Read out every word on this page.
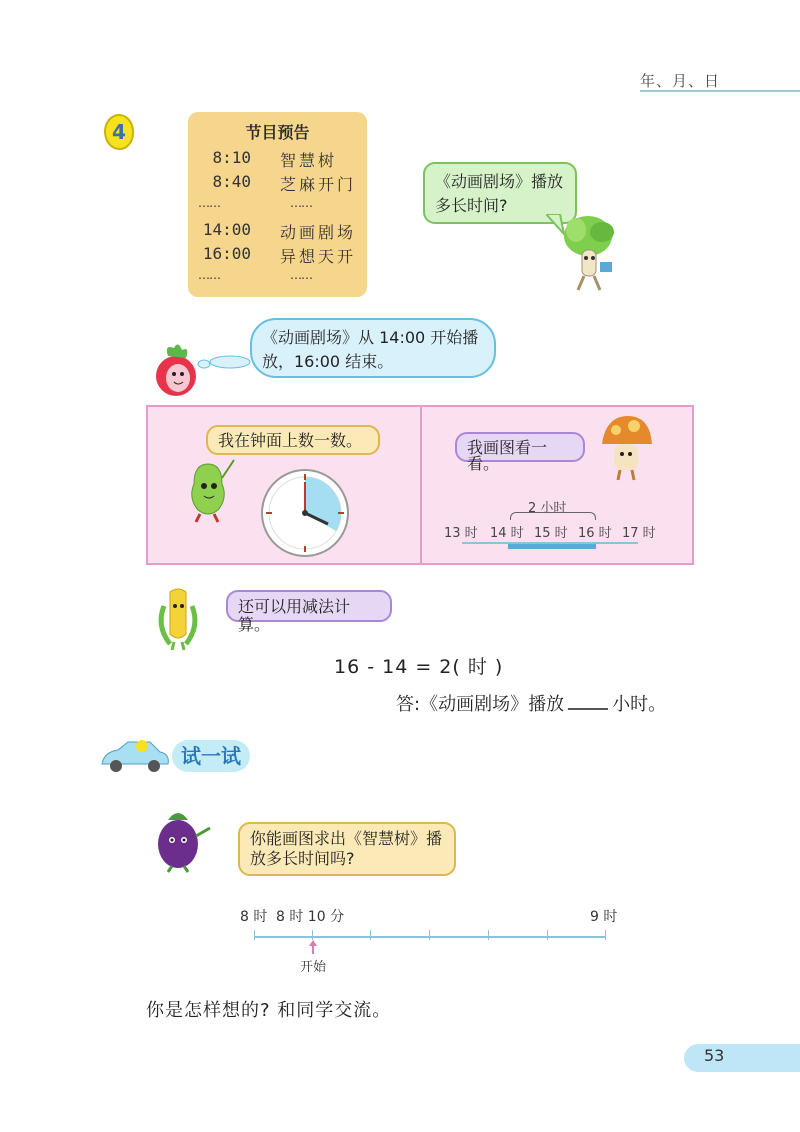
年、月、日
4	节目预告
8:10 智慧树
8:40 芝麻开门
……	……
14:00 动画剧场
16:00 异想天开
……	……
《动画剧场》播放多长时间?
《动画剧场》从 14:00 开始播放，16:00 结束。
我在钟面上数一数。	我画图看一看。
2 小时
13 时 14 时 15 时 16 时 17 时
还可以用减法计算。
16 - 14 = 2( 时 )
答:《动画剧场》播放	小时。
试一试
你能画图求出《智慧树》播放多长时间吗?
8 时 8 时 10 分	9 时
开始
你是怎样想的? 和同学交流。
53
